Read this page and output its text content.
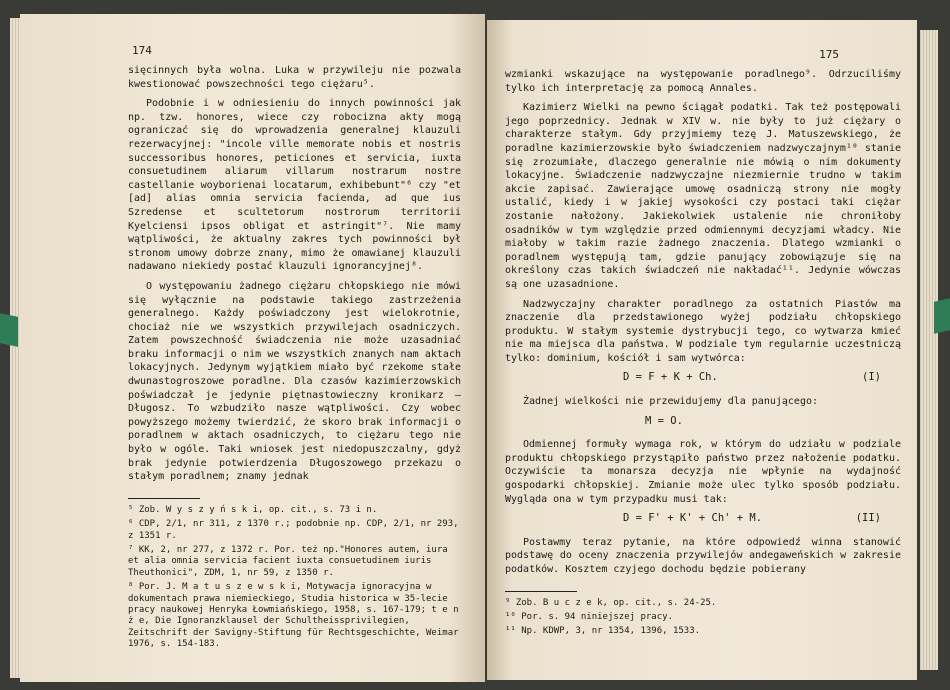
174

sięcinnych była wolna. Luka w przywileju nie pozwala kwestionować powszechności tego ciężaru⁵.

Podobnie i w odniesieniu do innych powinności jak np. tzw. honores, wiece czy robocizna akty mogą ograniczać się do wprowadzenia generalnej klauzuli rezerwacyjnej: "incole ville memorate nobis et nostris successoribus honores, peticiones et servicia, iuxta consuetudinem aliarum villarum nostrarum nostre castellanie woyborienai locatarum, exhibebunt"⁶ czy "et [ad] alias omnia servicia facienda, ad que ius Szredense et scultetorum nostrorum territorii Kyelciensi ipsos obligat et astringit"⁷. Nie mamy wątpliwości, że aktualny zakres tych powinności był stronom umowy dobrze znany, mimo że omawianej klauzuli nadawano niekiedy postać klauzuli ignorancyjnej⁸.

O występowaniu żadnego ciężaru chłopskiego nie mówi się wyłącznie na podstawie takiego zastrzeżenia generalnego. Każdy poświadczony jest wielokrotnie, chociaż nie we wszystkich przywilejach osadniczych. Zatem powszechność świadczenia nie może uzasadniać braku informacji o nim we wszystkich znanych nam aktach lokacyjnych. Jedynym wyjątkiem miało być rzekome stałe dwunastogroszowe poradlne. Dla czasów kazimierzowskich poświadczał je jedynie piętnastowieczny kronikarz – Długosz. To wzbudziło nasze wątpliwości. Czy wobec powyższego możemy twierdzić, że skoro brak informacji o poradlnem w aktach osadniczych, to ciężaru tego nie było w ogóle. Taki wniosek jest niedopuszczalny, gdyż brak jedynie potwierdzenia Długoszowego przekazu o stałym poradlnem; znamy jednak

⁵ Zob. W y s z y ń s k i, op. cit., s. 73 i n.

⁶ CDP, 2/1, nr 311, z 1370 r.; podobnie np. CDP, 2/1, nr 293, z 1351 r.

⁷ KK, 2, nr 277, z 1372 r. Por. też np."Honores autem, iura et alia omnia servicia facient iuxta consuetudinem iuris Theuthonici", ZDM, 1, nr 59, z 1350 r.

⁸ Por. J. M a t u s z e w s k i, Motywacja ignoracyjna w dokumentach prawa niemieckiego, Studia historica w 35-lecie pracy naukowej Henryka Łowmiańskiego, 1958, s. 167-179; t e n ż e, Die Ignoranzklausel der Schultheissprivilegien, Zeitschrift der Savigny-Stiftung für Rechtsgeschichte, Weimar 1976, s. 154-183.

175

wzmianki wskazujące na występowanie poradlnego⁹. Odrzuciliśmy tylko ich interpretację za pomocą Annales.

Kazimierz Wielki na pewno ściągał podatki. Tak też postępowali jego poprzednicy. Jednak w XIV w. nie były to już ciężary o charakterze stałym. Gdy przyjmiemy tezę J. Matuszewskiego, że poradlne kazimierzowskie było świadczeniem nadzwyczajnym¹⁰ stanie się zrozumiałe, dlaczego generalnie nie mówią o nim dokumenty lokacyjne. Świadczenie nadzwyczajne niezmiernie trudno w takim akcie zapisać. Zawierające umowę osadniczą strony nie mogły ustalić, kiedy i w jakiej wysokości czy postaci taki ciężar zostanie nałożony. Jakiekolwiek ustalenie nie chroniłoby osadników w tym względzie przed odmiennymi decyzjami władcy. Nie miałoby w takim razie żadnego znaczenia. Dlatego wzmianki o poradlnem występują tam, gdzie panujący zobowiązuje się na określony czas takich świadczeń nie nakładać¹¹. Jedynie wówczas są one uzasadnione.

Nadzwyczajny charakter poradlnego za ostatnich Piastów ma znaczenie dla przedstawionego wyżej podziału chłopskiego produktu. W stałym systemie dystrybucji tego, co wytwarza kmieć nie ma miejsca dla państwa. W podziale tym regularnie uczestniczą tylko: dominium, kościół i sam wytwórca:

D = F + K + Ch.	(I)

Żadnej wielkości nie przewidujemy dla panującego:

M = O.

Odmiennej formuły wymaga rok, w którym do udziału w podziale produktu chłopskiego przystąpiło państwo przez nałożenie podatku. Oczywiście ta monarsza decyzja nie wpłynie na wydajność gospodarki chłopskiej. Zmianie może ulec tylko sposób podziału. Wygląda ona w tym przypadku musi tak:

D = F' + K' + Ch' + M.	(II)

Postawmy teraz pytanie, na które odpowiedź winna stanowić podstawę do oceny znaczenia przywilejów andegaweńskich w zakresie podatków. Kosztem czyjego dochodu będzie pobierany

⁹ Zob. B u c z e k, op. cit., s. 24-25.

¹⁰ Por. s. 94 niniejszej pracy.

¹¹ Np. KDWP, 3, nr 1354, 1396, 1533.
